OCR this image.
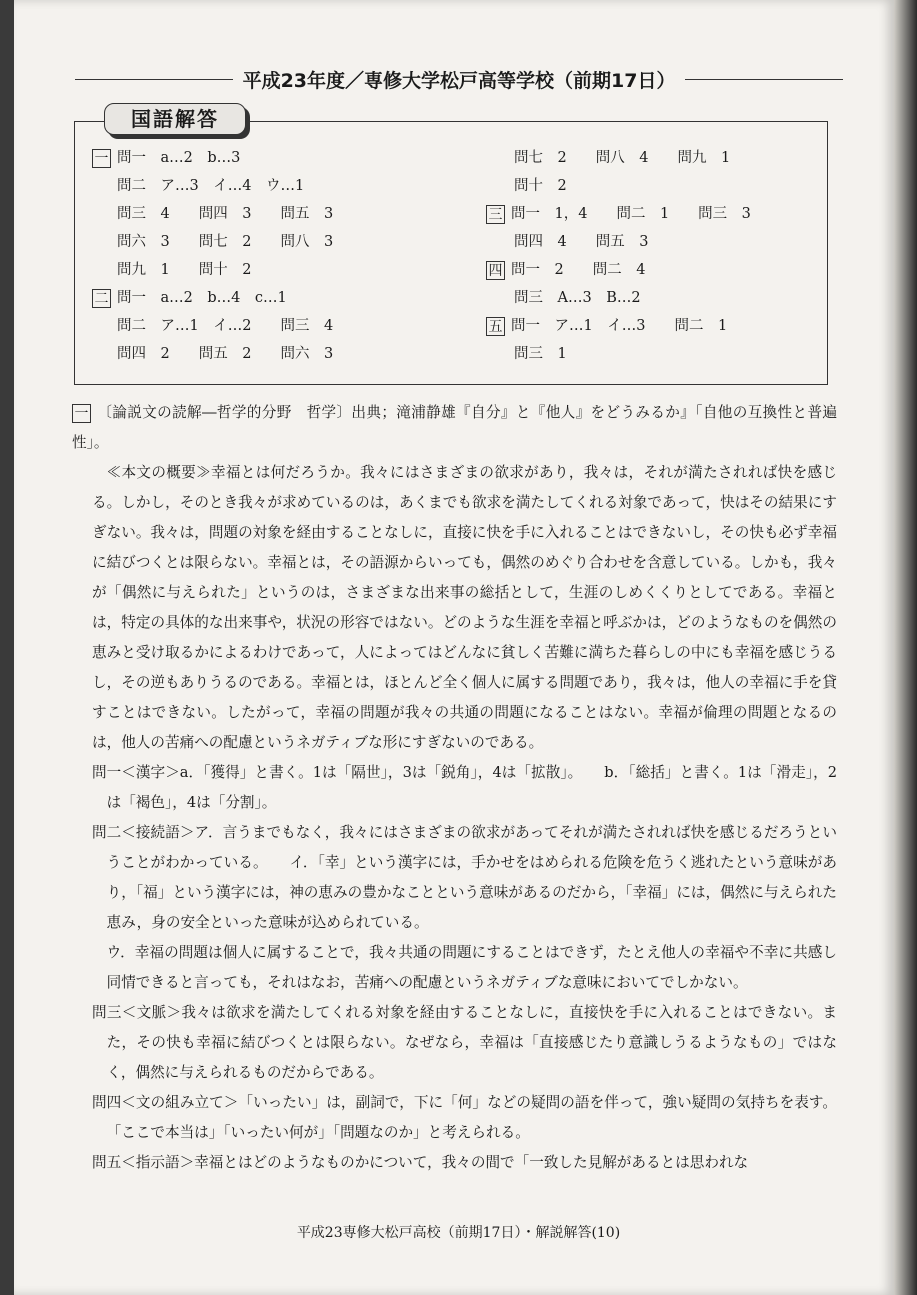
平成23年度／専修大学松戸高等学校（前期17日）
国語解答
一 問一　a…2　b…3
問二　ア…3　イ…4　ウ…1
問三　4　　問四　3　　問五　3
問六　3　　問七　2　　問八　3
問九　1　　問十　2
二 問一　a…2　b…4　c…1
問二　ア…1　イ…2　　問三　4
問四　2　　問五　2　　問六　3
問七　2　　問八　4　　問九　1
問十　2
三 問一　1，4　　問二　1　　問三　3
問四　4　　問五　3
四 問一　2　　問二　4
問三　A…3　B…2
五 問一　ア…1　イ…3　　問二　1
問三　1

一 〔論説文の読解―哲学的分野　哲学〕出典；滝浦静雄『自分』と『他人』をどうみるか』「自他の互換性と普遍性」。

≪本文の概要≫幸福とは何だろうか。我々にはさまざまの欲求があり，我々は，それが満たされれば快を感じる。しかし，そのとき我々が求めているのは，あくまでも欲求を満たしてくれる対象であって，快はその結果にすぎない。我々は，問題の対象を経由することなしに，直接に快を手に入れることはできないし，その快も必ず幸福に結びつくとは限らない。幸福とは，その語源からいっても，偶然のめぐり合わせを含意している。しかも，我々が「偶然に与えられた」というのは，さまざまな出来事の総括として，生涯のしめくくりとしてである。幸福とは，特定の具体的な出来事や，状況の形容ではない。どのような生涯を幸福と呼ぶかは，どのようなものを偶然の恵みと受け取るかによるわけであって，人によってはどんなに貧しく苦難に満ちた暮らしの中にも幸福を感じうるし，その逆もありうるのである。幸福とは，ほとんど全く個人に属する問題であり，我々は，他人の幸福に手を貸すことはできない。したがって，幸福の問題が我々の共通の問題になることはない。幸福が倫理の問題となるのは，他人の苦痛への配慮というネガティブな形にすぎないのである。

問一＜漢字＞a．「獲得」と書く。1は「隔世」，3は「鋭角」，4は「拡散」。　　b．「総括」と書く。1は「滑走」，2は「褐色」，4は「分割」。

問二＜接続語＞ア．言うまでもなく，我々にはさまざまの欲求があってそれが満たされれば快を感じるだろうということがわかっている。　　イ．「幸」という漢字には，手かせをはめられる危険を危うく逃れたという意味があり，「福」という漢字には，神の恵みの豊かなことという意味があるのだから，「幸福」には，偶然に与えられた恵み，身の安全といった意味が込められている。

ウ．幸福の問題は個人に属することで，我々共通の問題にすることはできず，たとえ他人の幸福や不幸に共感し同情できると言っても，それはなお，苦痛への配慮というネガティブな意味においてでしかない。

問三＜文脈＞我々は欲求を満たしてくれる対象を経由することなしに，直接快を手に入れることはできない。また，その快も幸福に結びつくとは限らない。なぜなら，幸福は「直接感じたり意識しうるようなもの」ではなく，偶然に与えられるものだからである。

問四＜文の組み立て＞「いったい」は，副詞で，下に「何」などの疑問の語を伴って，強い疑問の気持ちを表す。「ここで本当は」「いったい何が」「問題なのか」と考えられる。

問五＜指示語＞幸福とはどのようなものかについて，我々の間で「一致した見解があるとは思われな

平成23専修大松戸高校（前期17日）・解説解答(10)
